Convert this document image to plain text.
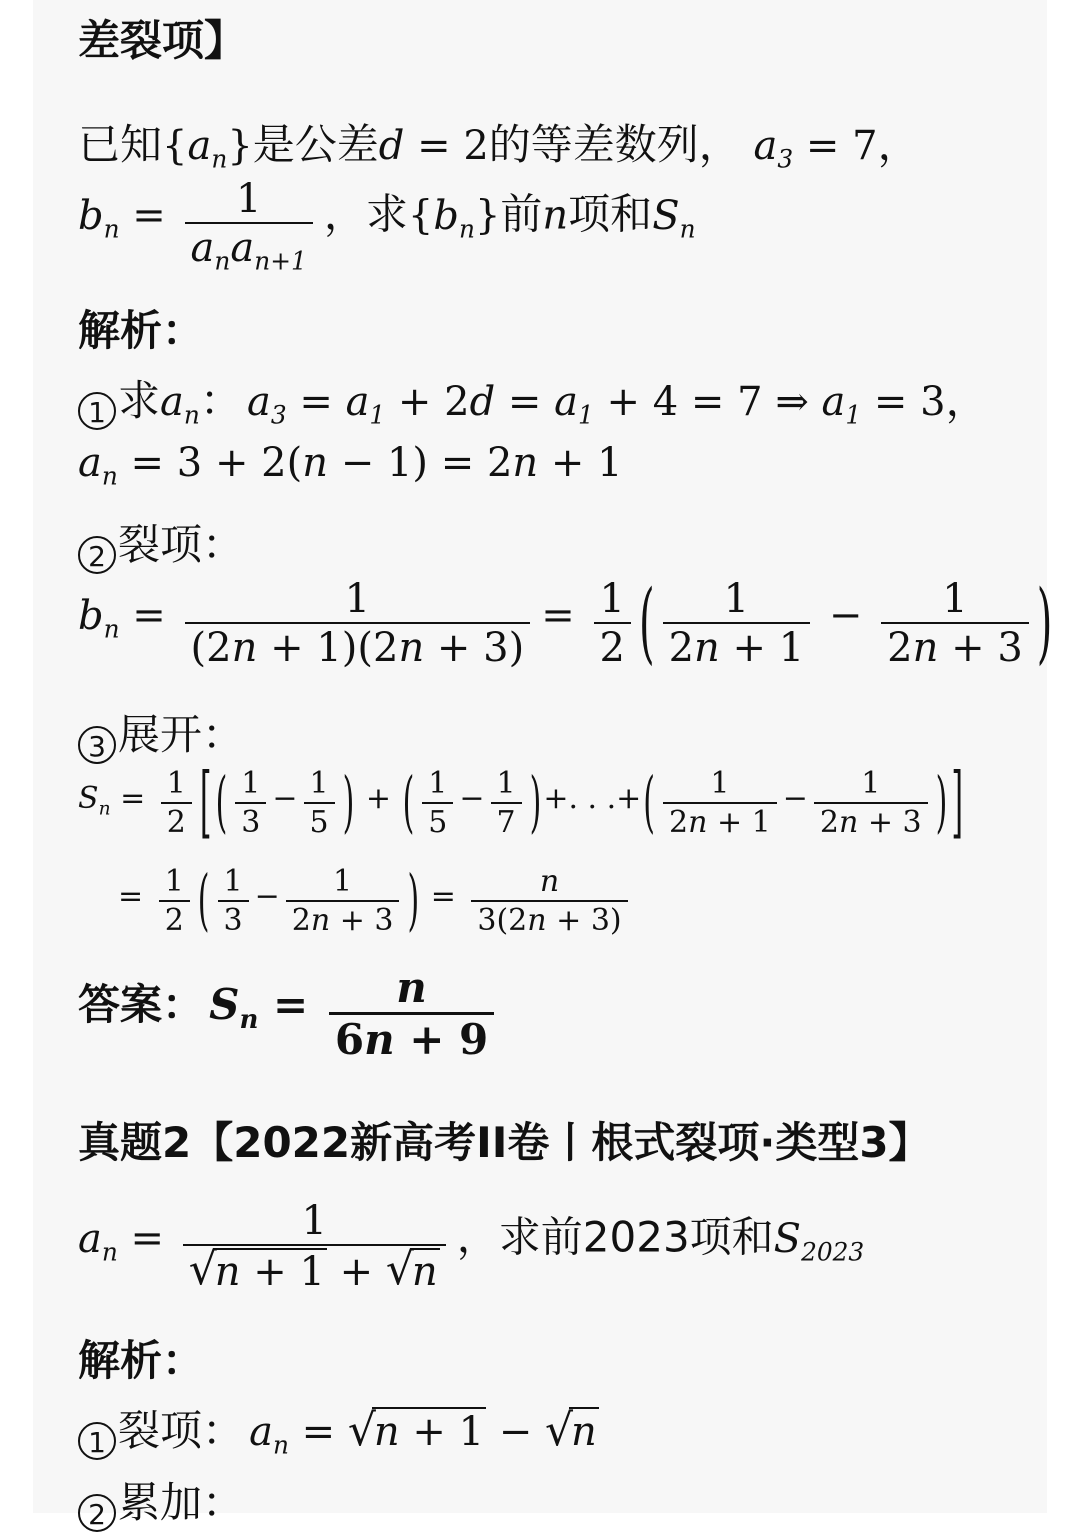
差裂项】
已知$\{a_n\}$是公差d = 2的等差数列， $a_3 = 7$，
$b_n = \frac{1}{a_na_{n+1}}$ ，求$\{b_n\}$前n项和$S_n$
解析：
1 求$a_n$： $a_3 = a_1 + 2d = a_1 + 4 = 7$ ⇒ $a_1 = 3$，
$a_n = 3 + 2(n - 1) = 2n + 1$
2 裂项：
$b_n = \frac{1}{(2n + 1)(2n + 3)} = \frac{1}{2}$ ( $\frac{1}{2n + 1} - \frac{1}{2n + 3}$ )
3 展开：
$S_n = \frac{1}{2}$ [ ( $\frac{1}{3} - \frac{1}{5}$ ) + ( $\frac{1}{5} - \frac{1}{7}$ )+. . .+( $\frac{1}{2n + 1} - \frac{1}{2n + 3}$ ) ]
= $\frac{1}{2}$ ( $\frac{1}{3} - \frac{1}{2n + 3}$ ) = $\frac{n}{3(2n + 3)}$
答案： $S_n = \frac{n}{6n + 9}$
真题2【2022新高考II卷丨根式裂项·类型3】
$a_n = 1$
√
n + 1 + √
n ，求前2023项和$S_{2023}$
解析：
1 裂项： $a_n$ = √
n + 1 − √
n
2 累加：
